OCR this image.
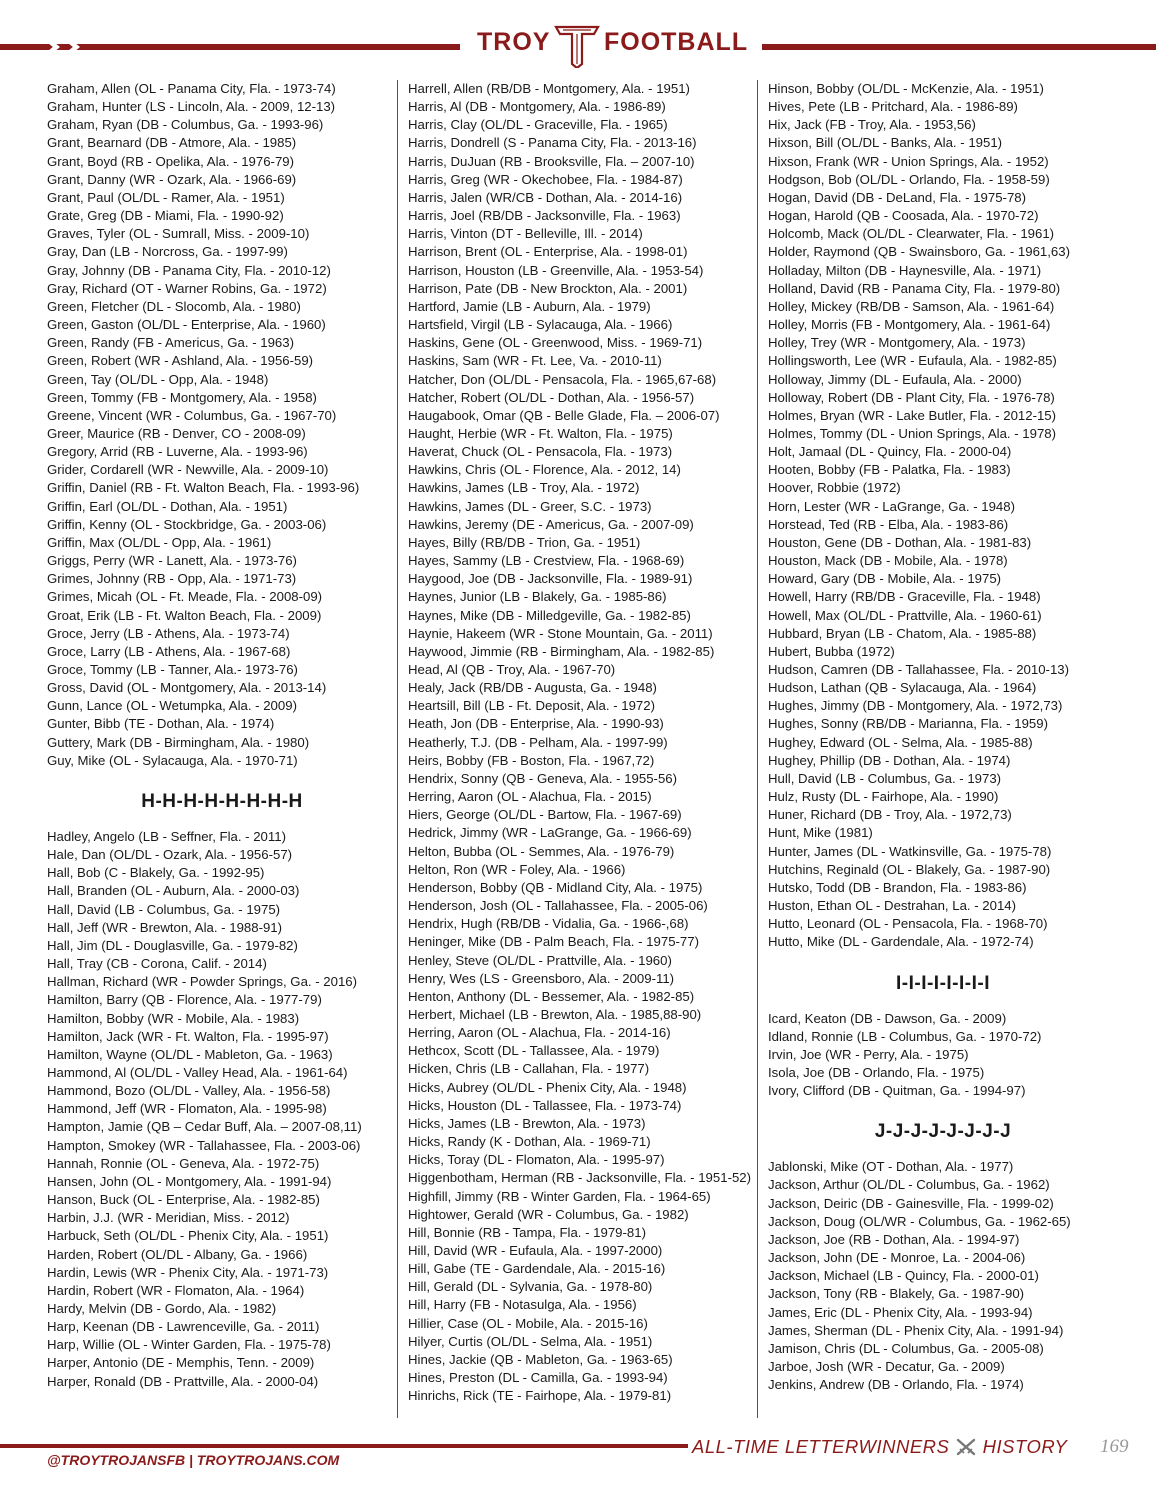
TROY FOOTBALL
Graham, Allen (OL - Panama City, Fla. - 1973-74)
Graham, Hunter (LS - Lincoln, Ala. - 2009, 12-13)
Graham, Ryan (DB - Columbus, Ga. - 1993-96)
Grant, Bearnard (DB - Atmore, Ala. - 1985)
Grant, Boyd (RB - Opelika, Ala. - 1976-79)
Grant, Danny (WR - Ozark, Ala. - 1966-69)
Grant, Paul (OL/DL - Ramer, Ala. - 1951)
Grate, Greg (DB - Miami, Fla. - 1990-92)
Graves, Tyler (OL - Sumrall, Miss. - 2009-10)
Gray, Dan (LB - Norcross, Ga. - 1997-99)
Gray, Johnny (DB - Panama City, Fla. - 2010-12)
Gray, Richard (OT - Warner Robins, Ga. - 1972)
Green, Fletcher (DL - Slocomb, Ala. - 1980)
Green, Gaston (OL/DL - Enterprise, Ala. - 1960)
Green, Randy (FB - Americus, Ga. - 1963)
Green, Robert (WR - Ashland, Ala. - 1956-59)
Green, Tay (OL/DL - Opp, Ala. - 1948)
Green, Tommy (FB - Montgomery, Ala. - 1958)
Greene, Vincent (WR - Columbus, Ga. - 1967-70)
Greer, Maurice (RB - Denver, CO - 2008-09)
Gregory, Arrid (RB - Luverne, Ala. - 1993-96)
Grider, Cordarell (WR - Newville, Ala. - 2009-10)
Griffin, Daniel (RB - Ft. Walton Beach, Fla. - 1993-96)
Griffin, Earl (OL/DL - Dothan, Ala. - 1951)
Griffin, Kenny (OL - Stockbridge, Ga. - 2003-06)
Griffin, Max (OL/DL - Opp, Ala. - 1961)
Griggs, Perry (WR - Lanett, Ala. - 1973-76)
Grimes, Johnny (RB - Opp, Ala. - 1971-73)
Grimes, Micah (OL - Ft. Meade, Fla. - 2008-09)
Groat, Erik (LB - Ft. Walton Beach, Fla. - 2009)
Groce, Jerry (LB - Athens, Ala. - 1973-74)
Groce, Larry (LB - Athens, Ala. - 1967-68)
Groce, Tommy (LB - Tanner, Ala.- 1973-76)
Gross, David (OL - Montgomery, Ala. - 2013-14)
Gunn, Lance (OL - Wetumpka, Ala. - 2009)
Gunter, Bibb (TE - Dothan, Ala. - 1974)
Guttery, Mark (DB - Birmingham, Ala. - 1980)
Guy, Mike (OL - Sylacauga, Ala. - 1970-71)
H-H-H-H-H-H-H-H
Hadley, Angelo (LB - Seffner, Fla. - 2011)
Hale, Dan (OL/DL - Ozark, Ala. - 1956-57)
Hall, Bob (C - Blakely, Ga. - 1992-95)
Hall, Branden (OL - Auburn, Ala. - 2000-03)
Hall, David (LB - Columbus, Ga. - 1975)
Hall, Jeff (WR - Brewton, Ala. - 1988-91)
Hall, Jim (DL - Douglasville, Ga. - 1979-82)
Hall, Tray (CB - Corona, Calif. - 2014)
Hallman, Richard (WR - Powder Springs, Ga. - 2016)
Hamilton, Barry (QB - Florence, Ala. - 1977-79)
Hamilton, Bobby (WR - Mobile, Ala. - 1983)
Hamilton, Jack (WR - Ft. Walton, Fla. - 1995-97)
Hamilton, Wayne (OL/DL - Mableton, Ga. - 1963)
Hammond, Al (OL/DL - Valley Head, Ala. - 1961-64)
Hammond, Bozo (OL/DL - Valley, Ala. - 1956-58)
Hammond, Jeff (WR - Flomaton, Ala. - 1995-98)
Hampton, Jamie (QB – Cedar Buff, Ala. – 2007-08,11)
Hampton, Smokey (WR - Tallahassee, Fla. - 2003-06)
Hannah, Ronnie (OL - Geneva, Ala. - 1972-75)
Hansen, John (OL - Montgomery, Ala. - 1991-94)
Hanson, Buck (OL - Enterprise, Ala. - 1982-85)
Harbin, J.J. (WR - Meridian, Miss. - 2012)
Harbuck, Seth (OL/DL - Phenix City, Ala. - 1951)
Harden, Robert (OL/DL - Albany, Ga. - 1966)
Hardin, Lewis (WR - Phenix City, Ala. - 1971-73)
Hardin, Robert (WR - Flomaton, Ala. - 1964)
Hardy, Melvin (DB - Gordo, Ala. - 1982)
Harp, Keenan (DB - Lawrenceville, Ga. - 2011)
Harp, Willie (OL - Winter Garden, Fla. - 1975-78)
Harper, Antonio (DE - Memphis, Tenn. - 2009)
Harper, Ronald (DB - Prattville, Ala. - 2000-04)
Harrell, Allen (RB/DB - Montgomery, Ala. - 1951)
Harris, Al (DB - Montgomery, Ala. - 1986-89)
Harris, Clay (OL/DL - Graceville, Fla. - 1965)
Harris, Dondrell (S - Panama City, Fla. - 2013-16)
Harris, DuJuan (RB - Brooksville, Fla. – 2007-10)
Harris, Greg (WR - Okechobee, Fla. - 1984-87)
Harris, Jalen (WR/CB - Dothan, Ala. - 2014-16)
Harris, Joel (RB/DB - Jacksonville, Fla. - 1963)
Harris, Vinton (DT - Belleville, Ill. - 2014)
Harrison, Brent (OL - Enterprise, Ala. - 1998-01)
Harrison, Houston (LB - Greenville, Ala. - 1953-54)
Harrison, Pate (DB - New Brockton, Ala. - 2001)
Hartford, Jamie (LB - Auburn, Ala. - 1979)
Hartsfield, Virgil (LB - Sylacauga, Ala. - 1966)
Haskins, Gene (OL - Greenwood, Miss. - 1969-71)
Haskins, Sam (WR - Ft. Lee, Va. - 2010-11)
Hatcher, Don (OL/DL - Pensacola, Fla. - 1965,67-68)
Hatcher, Robert (OL/DL - Dothan, Ala. - 1956-57)
Haugabook, Omar (QB - Belle Glade, Fla. – 2006-07)
Haught, Herbie (WR - Ft. Walton, Fla. - 1975)
Haverat, Chuck (OL - Pensacola, Fla. - 1973)
Hawkins, Chris (OL - Florence, Ala. - 2012, 14)
Hawkins, James (LB - Troy, Ala. - 1972)
Hawkins, James (DL - Greer, S.C. - 1973)
Hawkins, Jeremy (DE - Americus, Ga. - 2007-09)
Hayes, Billy (RB/DB - Trion, Ga. - 1951)
Hayes, Sammy (LB - Crestview, Fla. - 1968-69)
Haygood, Joe (DB - Jacksonville, Fla. - 1989-91)
Haynes, Junior (LB - Blakely, Ga. - 1985-86)
Haynes, Mike (DB - Milledgeville, Ga. - 1982-85)
Haynie, Hakeem (WR - Stone Mountain, Ga. - 2011)
Haywood, Jimmie (RB - Birmingham, Ala. - 1982-85)
Head, Al (QB - Troy, Ala. - 1967-70)
Healy, Jack (RB/DB - Augusta, Ga. - 1948)
Heartsill, Bill (LB - Ft. Deposit, Ala. - 1972)
Heath, Jon (DB - Enterprise, Ala. - 1990-93)
Heatherly, T.J. (DB - Pelham, Ala. - 1997-99)
Heirs, Bobby (FB - Boston, Fla. - 1967,72)
Hendrix, Sonny (QB - Geneva, Ala. - 1955-56)
Herring, Aaron (OL - Alachua, Fla. - 2015)
Hiers, George (OL/DL - Bartow, Fla. - 1967-69)
Hedrick, Jimmy (WR - LaGrange, Ga. - 1966-69)
Helton, Bubba (OL - Semmes, Ala. - 1976-79)
Helton, Ron (WR - Foley, Ala. - 1966)
Henderson, Bobby (QB - Midland City, Ala. - 1975)
Henderson, Josh (OL - Tallahassee, Fla. - 2005-06)
Hendrix, Hugh (RB/DB - Vidalia, Ga. - 1966-,68)
Heninger, Mike (DB - Palm Beach, Fla. - 1975-77)
Henley, Steve (OL/DL - Prattville, Ala. - 1960)
Henry, Wes (LS - Greensboro, Ala. - 2009-11)
Henton, Anthony (DL - Bessemer, Ala. - 1982-85)
Herbert, Michael (LB - Brewton, Ala. - 1985,88-90)
Herring, Aaron (OL - Alachua, Fla. - 2014-16)
Hethcox, Scott (DL - Tallassee, Ala. - 1979)
Hicken, Chris (LB - Callahan, Fla. - 1977)
Hicks, Aubrey (OL/DL - Phenix City, Ala. - 1948)
Hicks, Houston (DL - Tallassee, Fla. - 1973-74)
Hicks, James (LB - Brewton, Ala. - 1973)
Hicks, Randy (K - Dothan, Ala. - 1969-71)
Hicks, Toray (DL - Flomaton, Ala. - 1995-97)
Higgenbotham, Herman (RB - Jacksonville, Fla. - 1951-52)
Highfill, Jimmy (RB - Winter Garden, Fla. - 1964-65)
Hightower, Gerald (WR - Columbus, Ga. - 1982)
Hill, Bonnie (RB - Tampa, Fla. - 1979-81)
Hill, David (WR - Eufaula, Ala. - 1997-2000)
Hill, Gabe (TE - Gardendale, Ala. - 2015-16)
Hill, Gerald (DL - Sylvania, Ga. - 1978-80)
Hill, Harry (FB - Notasulga, Ala. - 1956)
Hillier, Case (OL - Mobile, Ala. - 2015-16)
Hilyer, Curtis (OL/DL - Selma, Ala. - 1951)
Hines, Jackie (QB - Mableton, Ga. - 1963-65)
Hines, Preston (DL - Camilla, Ga. - 1993-94)
Hinrichs, Rick (TE - Fairhope, Ala. - 1979-81)
Hinson, Bobby (OL/DL - McKenzie, Ala. - 1951)
Hives, Pete (LB - Pritchard, Ala. - 1986-89)
Hix, Jack (FB - Troy, Ala. - 1953,56)
Hixson, Bill (OL/DL - Banks, Ala. - 1951)
Hixson, Frank (WR - Union Springs, Ala. - 1952)
Hodgson, Bob (OL/DL - Orlando, Fla. - 1958-59)
Hogan, David (DB - DeLand, Fla. - 1975-78)
Hogan, Harold (QB - Coosada, Ala. - 1970-72)
Holcomb, Mack (OL/DL - Clearwater, Fla. - 1961)
Holder, Raymond (QB - Swainsboro, Ga. - 1961,63)
Holladay, Milton (DB - Haynesville, Ala. - 1971)
Holland, David (RB - Panama City, Fla. - 1979-80)
Holley, Mickey (RB/DB - Samson, Ala. - 1961-64)
Holley, Morris (FB - Montgomery, Ala. - 1961-64)
Holley, Trey (WR - Montgomery, Ala. - 1973)
Hollingsworth, Lee (WR - Eufaula, Ala. - 1982-85)
Holloway, Jimmy (DL - Eufaula, Ala. - 2000)
Holloway, Robert (DB - Plant City, Fla. - 1976-78)
Holmes, Bryan (WR - Lake Butler, Fla. - 2012-15)
Holmes, Tommy (DL - Union Springs, Ala. - 1978)
Holt, Jamaal (DL - Quincy, Fla. - 2000-04)
Hooten, Bobby (FB - Palatka, Fla. - 1983)
Hoover, Robbie (1972)
Horn, Lester (WR - LaGrange, Ga. - 1948)
Horstead, Ted (RB - Elba, Ala. - 1983-86)
Houston, Gene (DB - Dothan, Ala. - 1981-83)
Houston, Mack (DB - Mobile, Ala. - 1978)
Howard, Gary (DB - Mobile, Ala. - 1975)
Howell, Harry (RB/DB - Graceville, Fla. - 1948)
Howell, Max (OL/DL - Prattville, Ala. - 1960-61)
Hubbard, Bryan (LB - Chatom, Ala. - 1985-88)
Hubert, Bubba (1972)
Hudson, Camren (DB - Tallahassee, Fla. - 2010-13)
Hudson, Lathan (QB - Sylacauga, Ala. - 1964)
Hughes, Jimmy (DB - Montgomery, Ala. - 1972,73)
Hughes, Sonny (RB/DB - Marianna, Fla. - 1959)
Hughey, Edward (OL - Selma, Ala. - 1985-88)
Hughey, Phillip (DB - Dothan, Ala. - 1974)
Hull, David (LB - Columbus, Ga. - 1973)
Hulz, Rusty (DL - Fairhope, Ala. - 1990)
Huner, Richard (DB - Troy, Ala. - 1972,73)
Hunt, Mike (1981)
Hunter, James (DL - Watkinsville, Ga. - 1975-78)
Hutchins, Reginald (OL - Blakely, Ga. - 1987-90)
Hutsko, Todd (DB - Brandon, Fla. - 1983-86)
Huston, Ethan OL - Destrahan, La. - 2014)
Hutto, Leonard (OL - Pensacola, Fla. - 1968-70)
Hutto, Mike (DL - Gardendale, Ala. - 1972-74)
I-I-I-I-I-I-I-I
Icard, Keaton (DB - Dawson, Ga. - 2009)
Idland, Ronnie (LB - Columbus, Ga. - 1970-72)
Irvin, Joe (WR - Perry, Ala. - 1975)
Isola, Joe (DB - Orlando, Fla. - 1975)
Ivory, Clifford (DB - Quitman, Ga. - 1994-97)
J-J-J-J-J-J-J-J
Jablonski, Mike (OT - Dothan, Ala. - 1977)
Jackson, Arthur (OL/DL - Columbus, Ga. - 1962)
Jackson, Deiric (DB - Gainesville, Fla. - 1999-02)
Jackson, Doug (OL/WR - Columbus, Ga. - 1962-65)
Jackson, Joe (RB - Dothan, Ala. - 1994-97)
Jackson, John (DE - Monroe, La. - 2004-06)
Jackson, Michael (LB - Quincy, Fla. - 2000-01)
Jackson, Tony (RB - Blakely, Ga. - 1987-90)
James, Eric (DL - Phenix City, Ala. - 1993-94)
James, Sherman (DL - Phenix City, Ala. - 1991-94)
Jamison, Chris (DL - Columbus, Ga. - 2005-08)
Jarboe, Josh (WR - Decatur, Ga. - 2009)
Jenkins, Andrew (DB - Orlando, Fla. - 1974)
@TROYTROJANSFB | TROYTROJANS.COM
ALL-TIME LETTERWINNERS HISTORY 169
